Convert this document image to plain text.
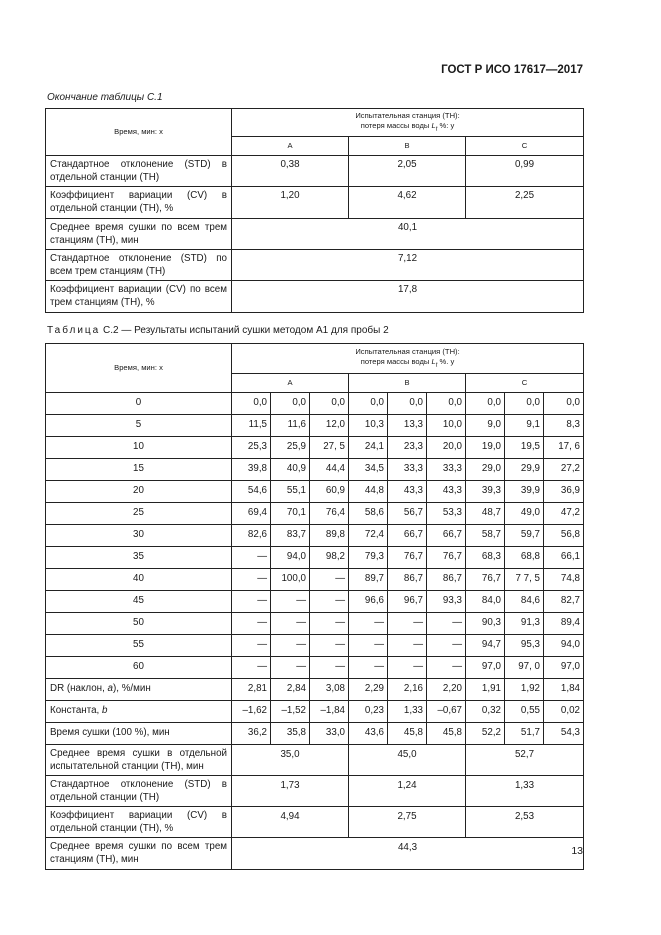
ГОСТ Р ИСО 17617—2017
Окончание таблицы С.1
Время, мин: x	Испытательная станция (ТН):
потеря массы воды $L_t$ %: y		
	A	B	C
Стандартное отклонение (STD) в отдельной станции (ТН)	0,38	2,05	0,99
Коэффициент вариации (CV) в отдельной станции (ТН), %	1,20	4,62	2,25
Среднее время сушки по всем трем станциям (ТН), мин	40,1		
Стандартное отклонение (STD) по всем трем станциям (ТН)	7,12		
Коэффициент вариации (CV) по всем трем станциям (ТН), %	17,8		
Таблица С.2 — Результаты испытаний сушки методом А1 для пробы 2
Время, мин: x	Испытательная станция (ТН):
потеря массы воды $L_t$ %. y								
	A			B			C		
0	0,0	0,0	0,0	0,0	0,0	0,0	0,0	0,0	0,0
5	11,5	11,6	12,0	10,3	13,3	10,0	9,0	9,1	8,3
10	25,3	25,9	27, 5	24,1	23,3	20,0	19,0	19,5	17, 6
15	39,8	40,9	44,4	34,5	33,3	33,3	29,0	29,9	27,2
20	54,6	55,1	60,9	44,8	43,3	43,3	39,3	39,9	36,9
25	69,4	70,1	76,4	58,6	56,7	53,3	48,7	49,0	47,2
30	82,6	83,7	89,8	72,4	66,7	66,7	58,7	59,7	56,8
35	—	94,0	98,2	79,3	76,7	76,7	68,3	68,8	66,1
40	—	100,0	—	89,7	86,7	86,7	76,7	7 7, 5	74,8
45	—	—	—	96,6	96,7	93,3	84,0	84,6	82,7
50	—	—	—	—	—	—	90,3	91,3	89,4
55	—	—	—	—	—	—	94,7	95,3	94,0
60	—	—	—	—	—	—	97,0	97, 0	97,0
DR (наклон, a), %/мин	2,81	2,84	3,08	2,29	2,16	2,20	1,91	1,92	1,84
Константа, b	–1,62	–1,52	–1,84	0,23	1,33	–0,67	0,32	0,55	0,02
Время сушки (100 %), мин	36,2	35,8	33,0	43,6	45,8	45,8	52,2	51,7	54,3
Среднее время сушки в отдельной испытательной станции (ТН), мин	35,0			45,0			52,7		
Стандартное отклонение (STD) в отдельной станции (ТН)	1,73			1,24			1,33		
Коэффициент вариации (CV) в отдельной станции (ТН), %	4,94			2,75			2,53		
Среднее время сушки по всем трем станциям (ТН), мин	44,3									13
